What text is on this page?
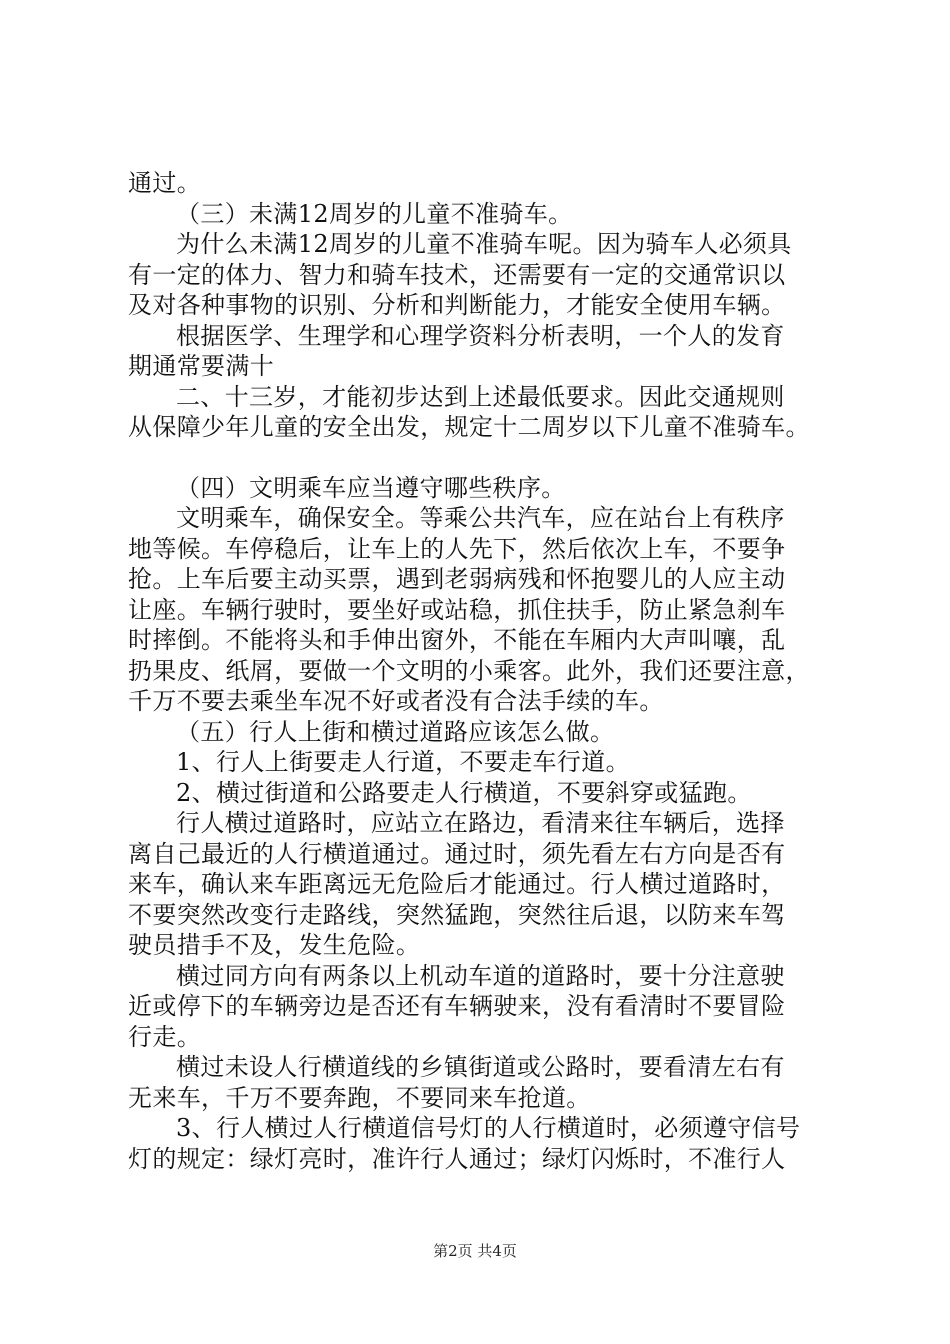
通过。
（三）未满12周岁的儿童不准骑车。
为什么未满12周岁的儿童不准骑车呢。因为骑车人必须具
有一定的体力、智力和骑车技术，还需要有一定的交通常识以
及对各种事物的识别、分析和判断能力，才能安全使用车辆。
根据医学、生理学和心理学资料分析表明，一个人的发育
期通常要满十
二、十三岁，才能初步达到上述最低要求。因此交通规则
从保障少年儿童的安全出发，规定十二周岁以下儿童不准骑车。
（四）文明乘车应当遵守哪些秩序。
文明乘车，确保安全。等乘公共汽车，应在站台上有秩序
地等候。车停稳后，让车上的人先下，然后依次上车，不要争
抢。上车后要主动买票，遇到老弱病残和怀抱婴儿的人应主动
让座。车辆行驶时，要坐好或站稳，抓住扶手，防止紧急刹车
时摔倒。不能将头和手伸出窗外，不能在车厢内大声叫嚷，乱
扔果皮、纸屑，要做一个文明的小乘客。此外，我们还要注意，
千万不要去乘坐车况不好或者没有合法手续的车。
（五）行人上街和横过道路应该怎么做。
1、行人上街要走人行道，不要走车行道。
2、横过街道和公路要走人行横道，不要斜穿或猛跑。
行人横过道路时，应站立在路边，看清来往车辆后，选择
离自己最近的人行横道通过。通过时，须先看左右方向是否有
来车，确认来车距离远无危险后才能通过。行人横过道路时，
不要突然改变行走路线，突然猛跑，突然往后退，以防来车驾
驶员措手不及，发生危险。
横过同方向有两条以上机动车道的道路时，要十分注意驶
近或停下的车辆旁边是否还有车辆驶来，没有看清时不要冒险
行走。
横过未设人行横道线的乡镇街道或公路时，要看清左右有
无来车，千万不要奔跑，不要同来车抢道。
3、行人横过人行横道信号灯的人行横道时，必须遵守信号
灯的规定：绿灯亮时，准许行人通过；绿灯闪烁时，不准行人
第2页 共4页
